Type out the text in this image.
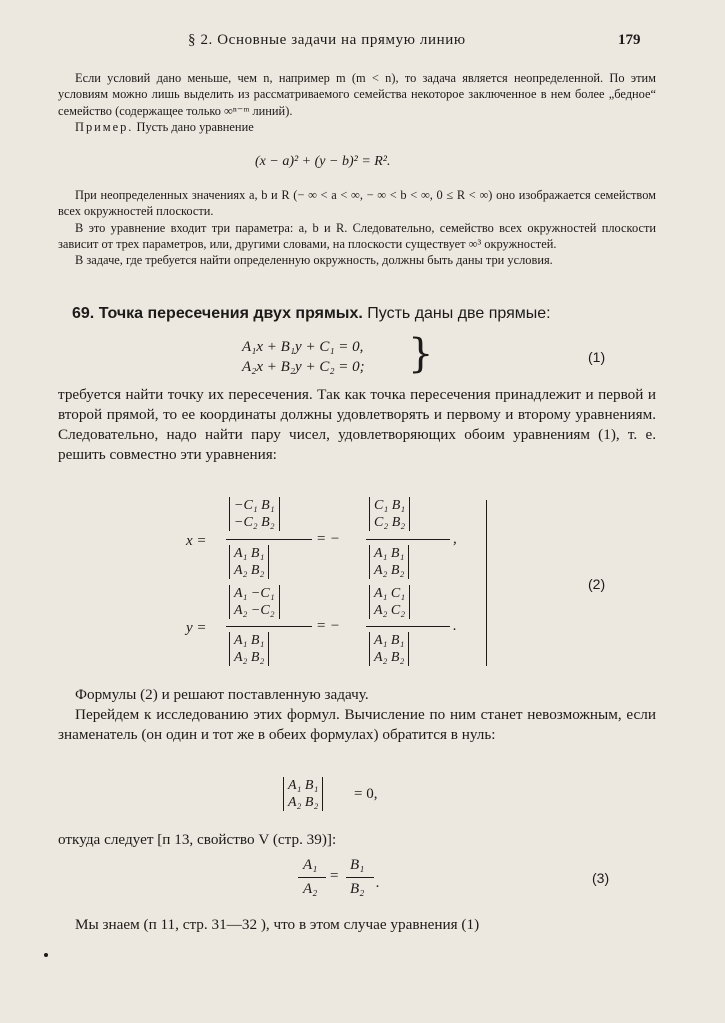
§ 2. Основные задачи на прямую линию	179

Если условий дано меньше, чем n, например m (m < n), то задача является неопределенной. По этим условиям можно лишь выделить из рассматриваемого семейства некоторое заключенное в нем более „бедное“ семейство (содержащее только ∞ⁿ⁻ᵐ линий).

Пример. Пусть дано уравнение

(x − a)² + (y − b)² = R².

При неопределенных значениях a, b и R (− ∞ < a < ∞, − ∞ < b < ∞, 0 ≤ R < ∞) оно изображается семейством всех окружностей плоскости.

В это уравнение входит три параметра: a, b и R. Следовательно, семейство всех окружностей плоскости зависит от трех параметров, или, другими словами, на плоскости существует ∞³ окружностей.

В задаче, где требуется найти определенную окружность, должны быть даны три условия.

69. Точка пересечения двух прямых. Пусть даны две прямые:
A₁x + B₁y + C₁ = 0,
A₂x + B₂y + C₂ = 0; }	(1)

требуется найти точку их пересечения. Так как точка пересечения принадлежит и первой и второй прямой, то ее координаты должны удовлетворять и первому и второму уравнениям. Следовательно, надо найти пару чисел, удовлетворяющих обоим уравнениям (1), т. е. решить совместно эти уравнения:

x =
−C₁ B₁
−C₂ B₂
A₁ B₁
A₂ B₂
= −
C₁ B₁
C₂ B₂
A₁ B₁
A₂ B₂
,
y =
A₁ −C₁
A₂ −C₂
A₁ B₁
A₂ B₂
= −
A₁ C₁
A₂ C₂
A₁ B₁
A₂ B₂
.
(2)

Формулы (2) и решают поставленную задачу.

Перейдем к исследованию этих формул. Вычисление по ним станет невозможным, если знаменатель (он один и тот же в обеих формулах) обратится в нуль:

A₁ B₁
A₂ B₂
= 0,

откуда следует [п 13, свойство V (стр. 39)]:

A₁
A₂
=
B₁
B₂ .	(3)

Мы знаем (п 11, стр. 31—32 ), что в этом случае уравнения (1)
